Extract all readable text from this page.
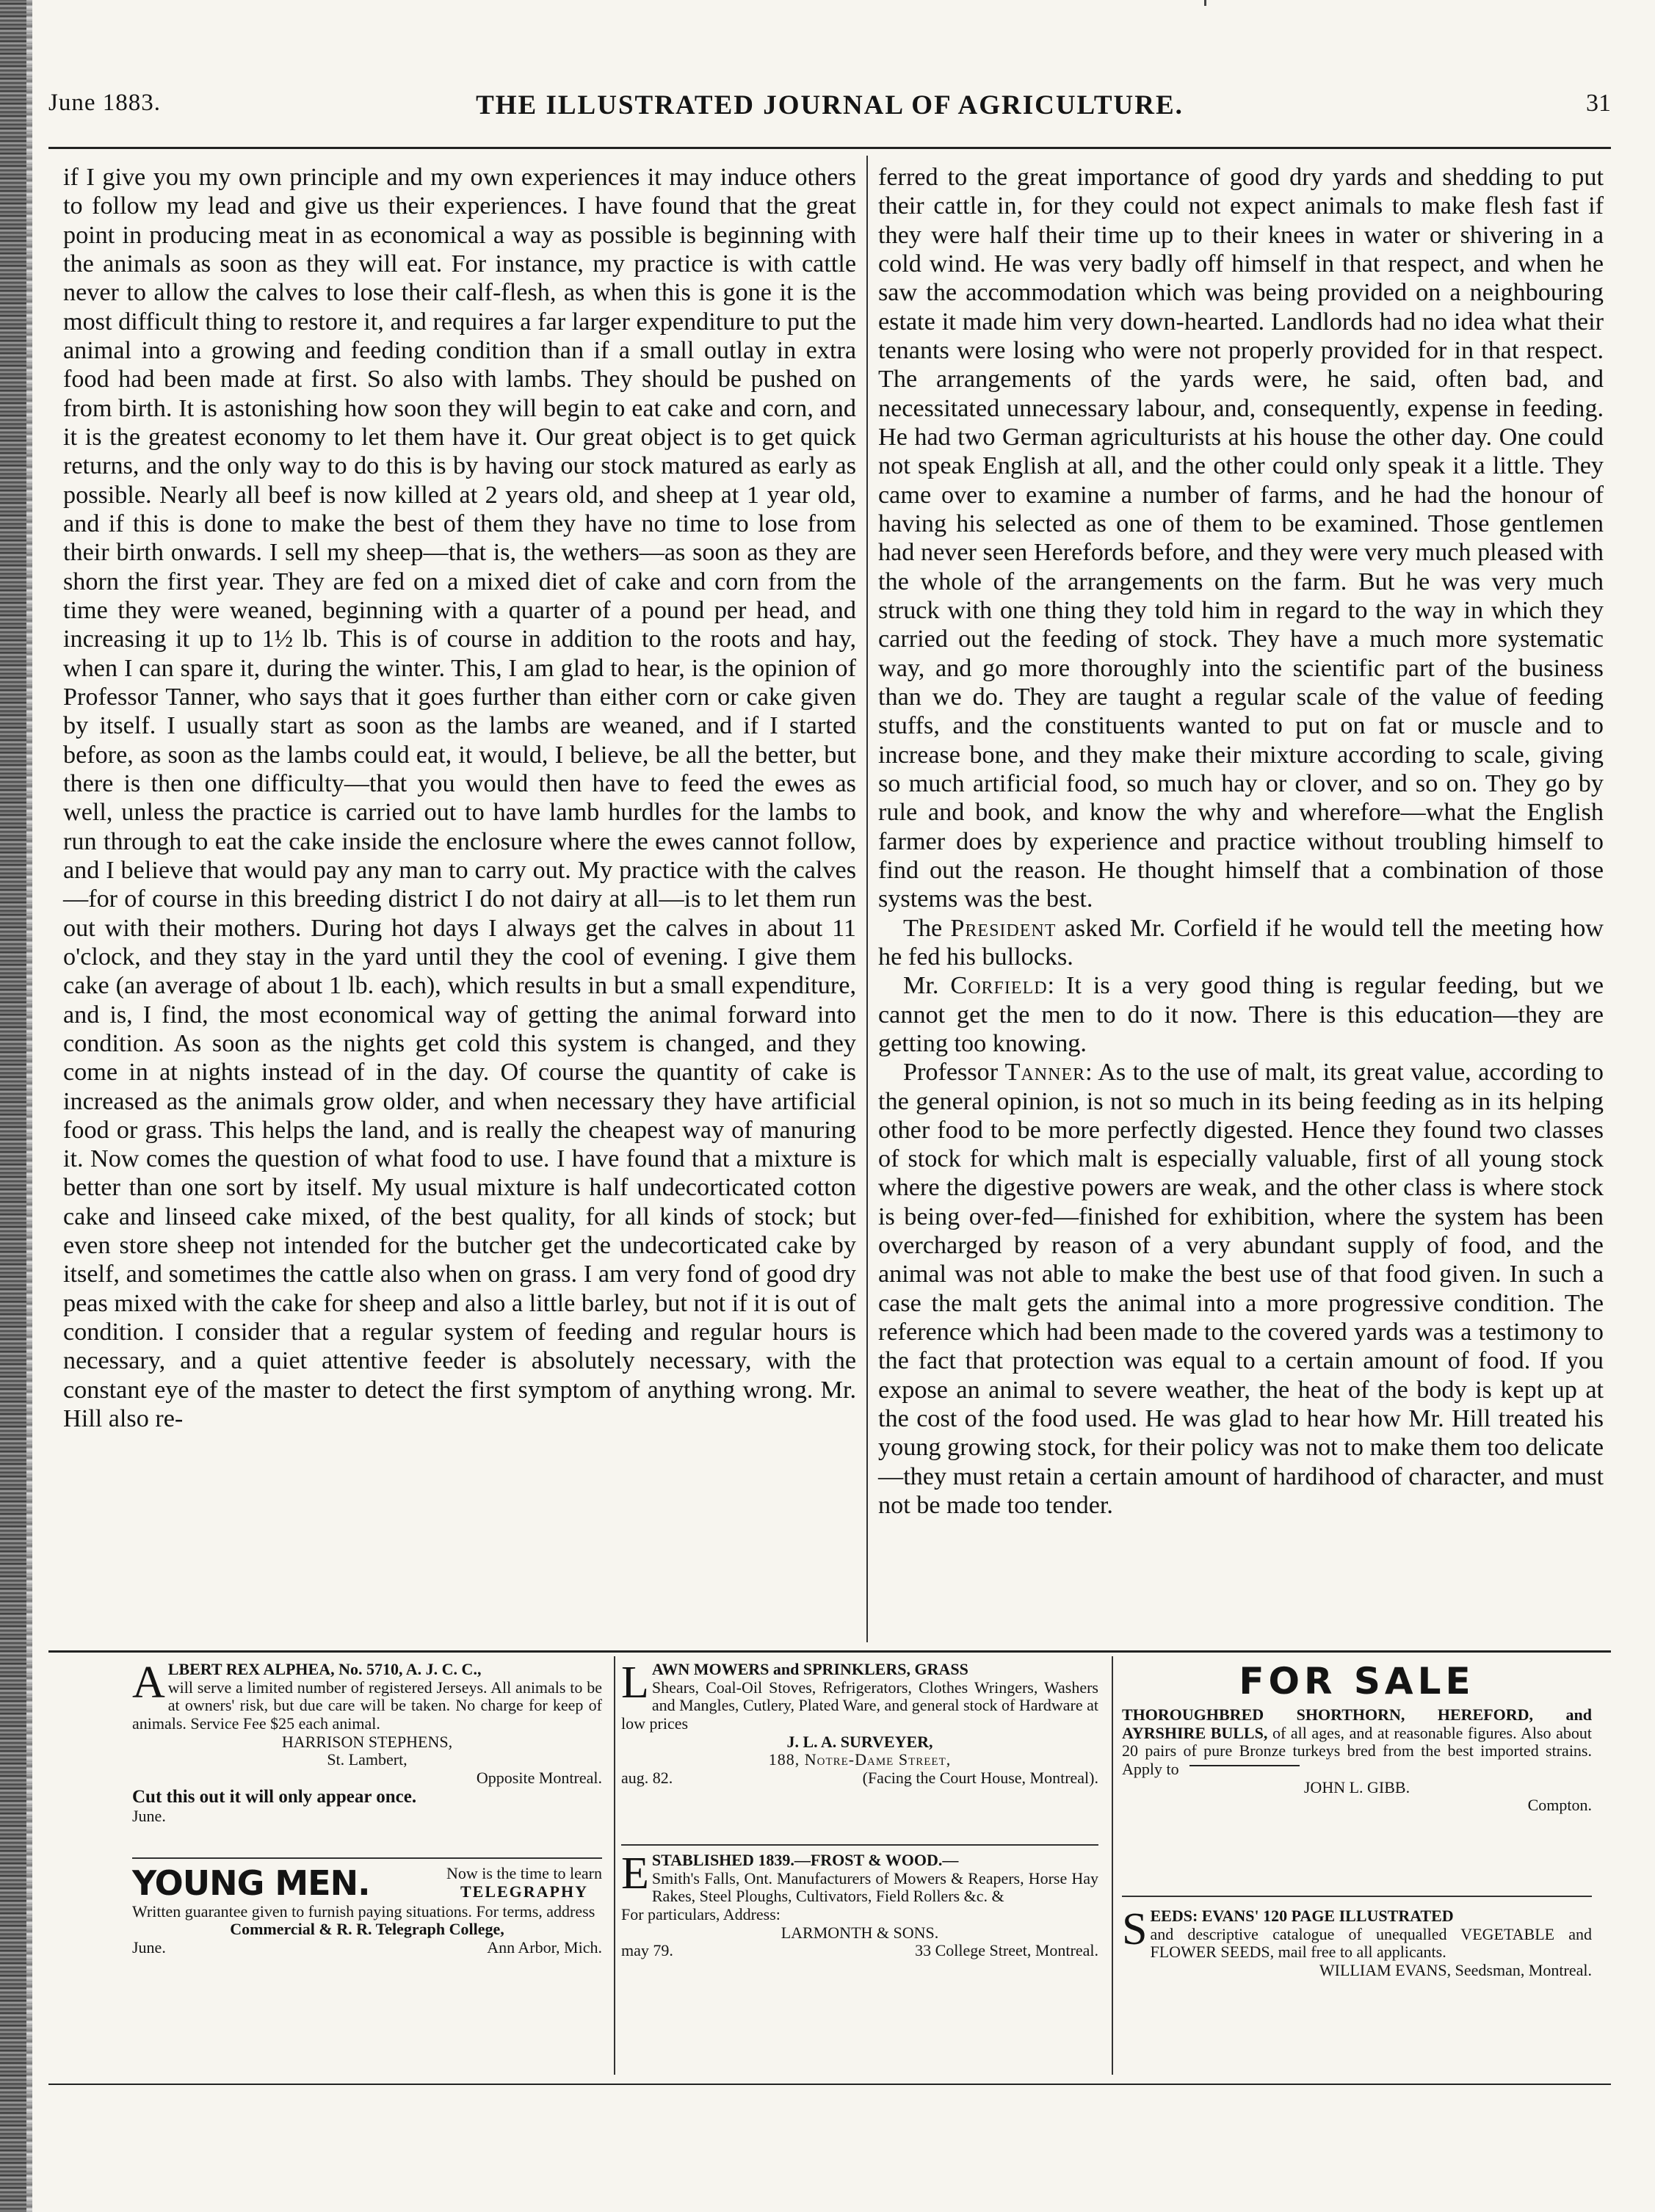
June 1883.	THE ILLUSTRATED JOURNAL OF AGRICULTURE.	31

if I give you my own principle and my own experiences it may induce others to follow my lead and give us their experiences. I have found that the great point in producing meat in as economical a way as possible is beginning with the animals as soon as they will eat. For instance, my practice is with cattle never to allow the calves to lose their calf-flesh, as when this is gone it is the most difficult thing to restore it, and requires a far larger expenditure to put the animal into a growing and feeding condition than if a small outlay in extra food had been made at first. So also with lambs. They should be pushed on from birth. It is astonishing how soon they will begin to eat cake and corn, and it is the greatest economy to let them have it. Our great object is to get quick returns, and the only way to do this is by having our stock matured as early as possible. Nearly all beef is now killed at 2 years old, and sheep at 1 year old, and if this is done to make the best of them they have no time to lose from their birth onwards. I sell my sheep—that is, the wethers—as soon as they are shorn the first year. They are fed on a mixed diet of cake and corn from the time they were weaned, beginning with a quarter of a pound per head, and increasing it up to 1½ lb. This is of course in addition to the roots and hay, when I can spare it, during the winter. This, I am glad to hear, is the opinion of Professor Tanner, who says that it goes further than either corn or cake given by itself. I usually start as soon as the lambs are weaned, and if I started before, as soon as the lambs could eat, it would, I believe, be all the better, but there is then one difficulty—that you would then have to feed the ewes as well, unless the practice is carried out to have lamb hurdles for the lambs to run through to eat the cake inside the enclosure where the ewes cannot follow, and I believe that would pay any man to carry out. My practice with the calves—for of course in this breeding district I do not dairy at all—is to let them run out with their mothers. During hot days I always get the calves in about 11 o'clock, and they stay in the yard until they the cool of evening. I give them cake (an average of about 1 lb. each), which results in but a small expenditure, and is, I find, the most economical way of getting the animal forward into condition. As soon as the nights get cold this system is changed, and they come in at nights instead of in the day. Of course the quantity of cake is increased as the animals grow older, and when necessary they have artificial food or grass. This helps the land, and is really the cheapest way of manuring it. Now comes the question of what food to use. I have found that a mixture is better than one sort by itself. My usual mixture is half undecorticated cotton cake and linseed cake mixed, of the best quality, for all kinds of stock; but even store sheep not intended for the butcher get the undecorticated cake by itself, and sometimes the cattle also when on grass. I am very fond of good dry peas mixed with the cake for sheep and also a little barley, but not if it is out of condition. I consider that a regular system of feeding and regular hours is necessary, and a quiet attentive feeder is absolutely necessary, with the constant eye of the master to detect the first symptom of anything wrong. Mr. Hill also re-

ferred to the great importance of good dry yards and shedding to put their cattle in, for they could not expect animals to make flesh fast if they were half their time up to their knees in water or shivering in a cold wind. He was very badly off himself in that respect, and when he saw the accommodation which was being provided on a neighbouring estate it made him very down-hearted. Landlords had no idea what their tenants were losing who were not properly provided for in that respect. The arrangements of the yards were, he said, often bad, and necessitated unnecessary labour, and, consequently, expense in feeding. He had two German agriculturists at his house the other day. One could not speak English at all, and the other could only speak it a little. They came over to examine a number of farms, and he had the honour of having his selected as one of them to be examined. Those gentlemen had never seen Herefords before, and they were very much pleased with the whole of the arrangements on the farm. But he was very much struck with one thing they told him in regard to the way in which they carried out the feeding of stock. They have a much more systematic way, and go more thoroughly into the scientific part of the business than we do. They are taught a regular scale of the value of feeding stuffs, and the constituents wanted to put on fat or muscle and to increase bone, and they make their mixture according to scale, giving so much artificial food, so much hay or clover, and so on. They go by rule and book, and know the why and wherefore—what the English farmer does by experience and practice without troubling himself to find out the reason. He thought himself that a combination of those systems was the best.

The President asked Mr. Corfield if he would tell the meeting how he fed his bullocks.

Mr. Corfield: It is a very good thing is regular feeding, but we cannot get the men to do it now. There is this education—they are getting too knowing.

Professor Tanner: As to the use of malt, its great value, according to the general opinion, is not so much in its being feeding as in its helping other food to be more perfectly digested. Hence they found two classes of stock for which malt is especially valuable, first of all young stock where the digestive powers are weak, and the other class is where stock is being over-fed—finished for exhibition, where the system has been overcharged by reason of a very abundant supply of food, and the animal was not able to make the best use of that food given. In such a case the malt gets the animal into a more progressive condition. The reference which had been made to the covered yards was a testimony to the fact that protection was equal to a certain amount of food. If you expose an animal to severe weather, the heat of the body is kept up at the cost of the food used. He was glad to hear how Mr. Hill treated his young growing stock, for their policy was not to make them too delicate—they must retain a certain amount of hardihood of character, and must not be made too tender.

A LBERT REX ALPHEA, No. 5710, A. J. C. C.,
will serve a limited number of registered Jerseys. All animals to be at owners' risk, but due care will be taken. No charge for keep of animals. Service Fee $25 each animal.
HARRISON STEPHENS,
St. Lambert,
Opposite Montreal.
Cut this out it will only appear once.
June.
YOUNG MEN.	Now is the time to learn
TELEGRAPHY
Written guarantee given to furnish paying situations. For terms, address
Commercial & R. R. Telegraph College,
June.	Ann Arbor, Mich.
L AWN MOWERS and SPRINKLERS, GRASS
Shears, Coal-Oil Stoves, Refrigerators, Clothes Wringers, Washers and Mangles, Cutlery, Plated Ware, and general stock of Hardware at low prices
J. L. A. SURVEYER,
188, Notre-Dame Street,
aug. 82.	(Facing the Court House, Montreal).
E STABLISHED 1839.—FROST & WOOD.—
Smith's Falls, Ont. Manufacturers of Mowers & Reapers, Horse Hay Rakes, Steel Ploughs, Cultivators, Field Rollers &c. &
For particulars, Address:
LARMONTH & SONS.
may 79.	33 College Street, Montreal.
FOR SALE
THOROUGHBRED SHORTHORN, HEREFORD, and AYRSHIRE BULLS, of all ages, and at reasonable figures. Also about 20 pairs of pure Bronze turkeys bred from the best imported strains. Apply to
JOHN L. GIBB.
Compton.
S EEDS: EVANS' 120 PAGE ILLUSTRATED
and descriptive catalogue of unequalled VEGETABLE and FLOWER SEEDS, mail free to all applicants.
WILLIAM EVANS, Seedsman, Montreal.
